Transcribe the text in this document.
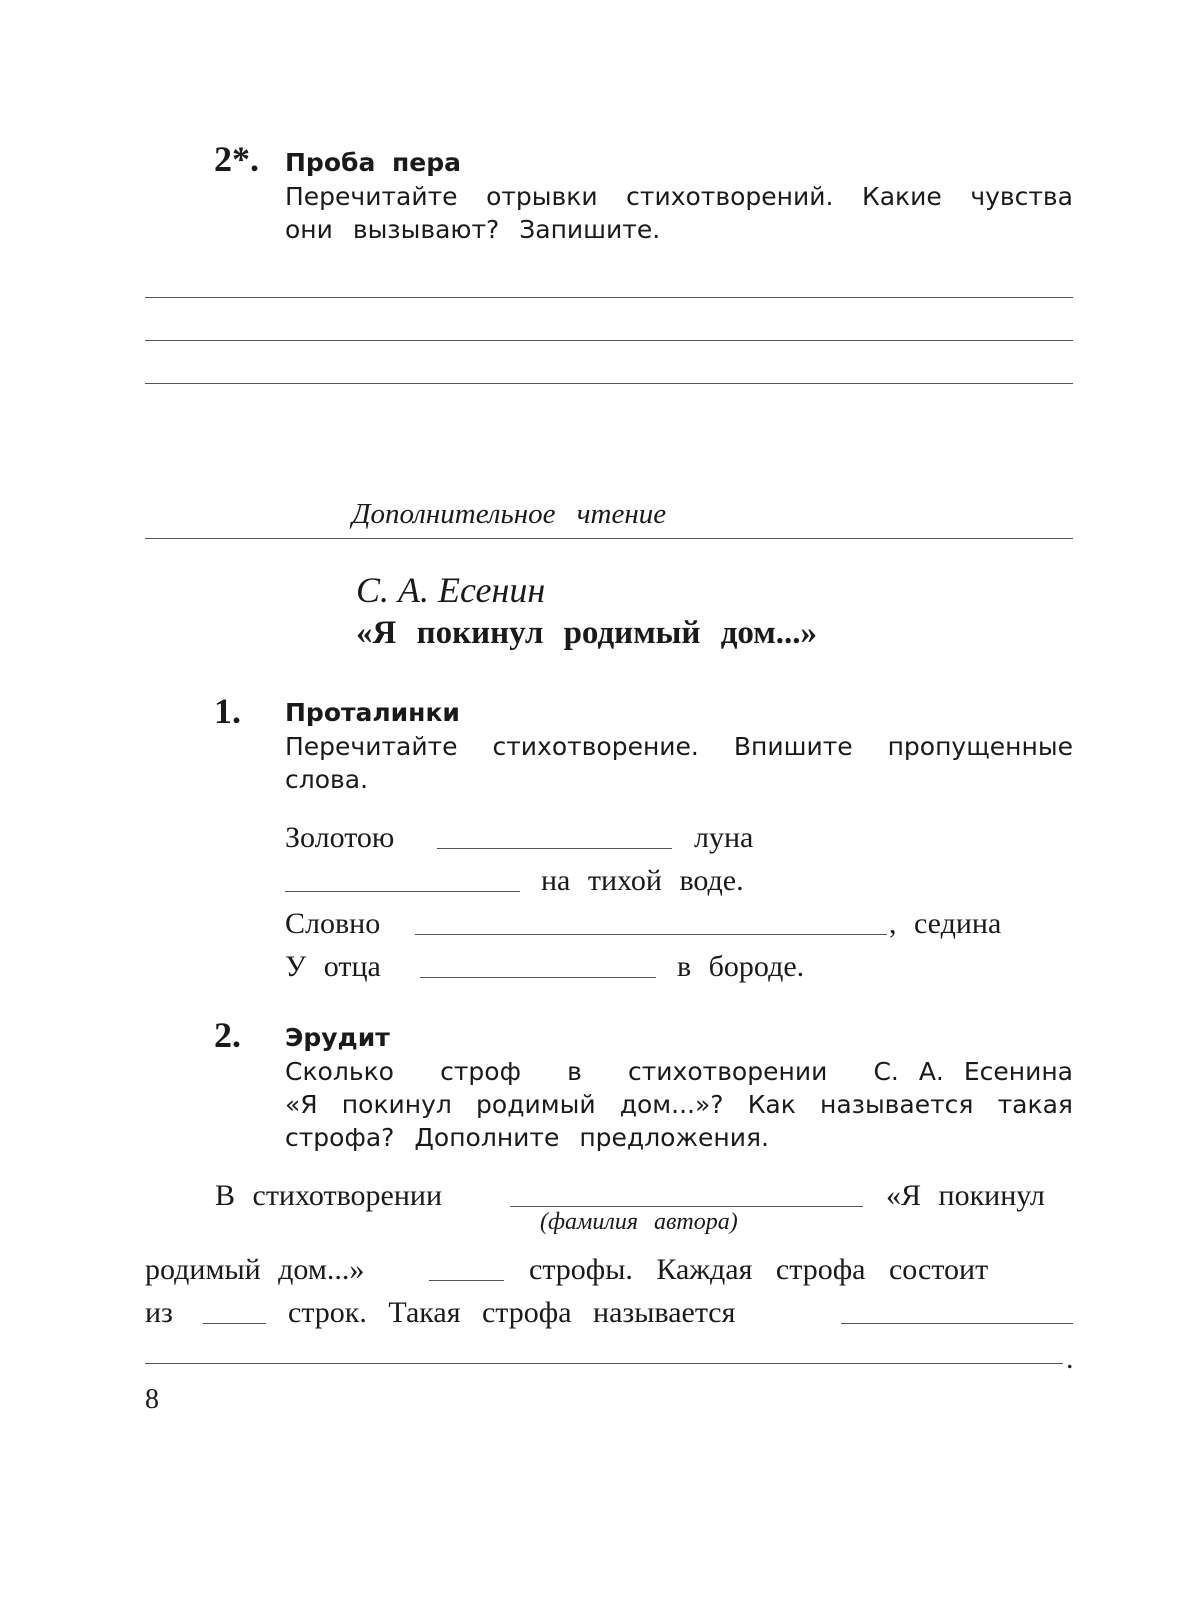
2*. Проба пера
Перечитайте отрывки стихотворений. Какие чувства
они вызывают? Запишите.
Дополнительное чтение
С. А. Есенин
«Я покинул родимый дом...»
1. Проталинки
Перечитайте стихотворение. Впишите пропущенные
слова.
Золотою	луна
на тихой воде.
Словно	, седина
У отца	в бороде.
2. Эрудит
Сколько строф в стихотворении С. А. Есенина
«Я покинул родимый дом...»? Как называется такая
строфа? Дополните предложения.
В стихотворении	«Я покинул
(фамилия автора)
родимый дом...»	строфы. Каждая строфа состоит
из	строк. Такая строфа называется
.
8
